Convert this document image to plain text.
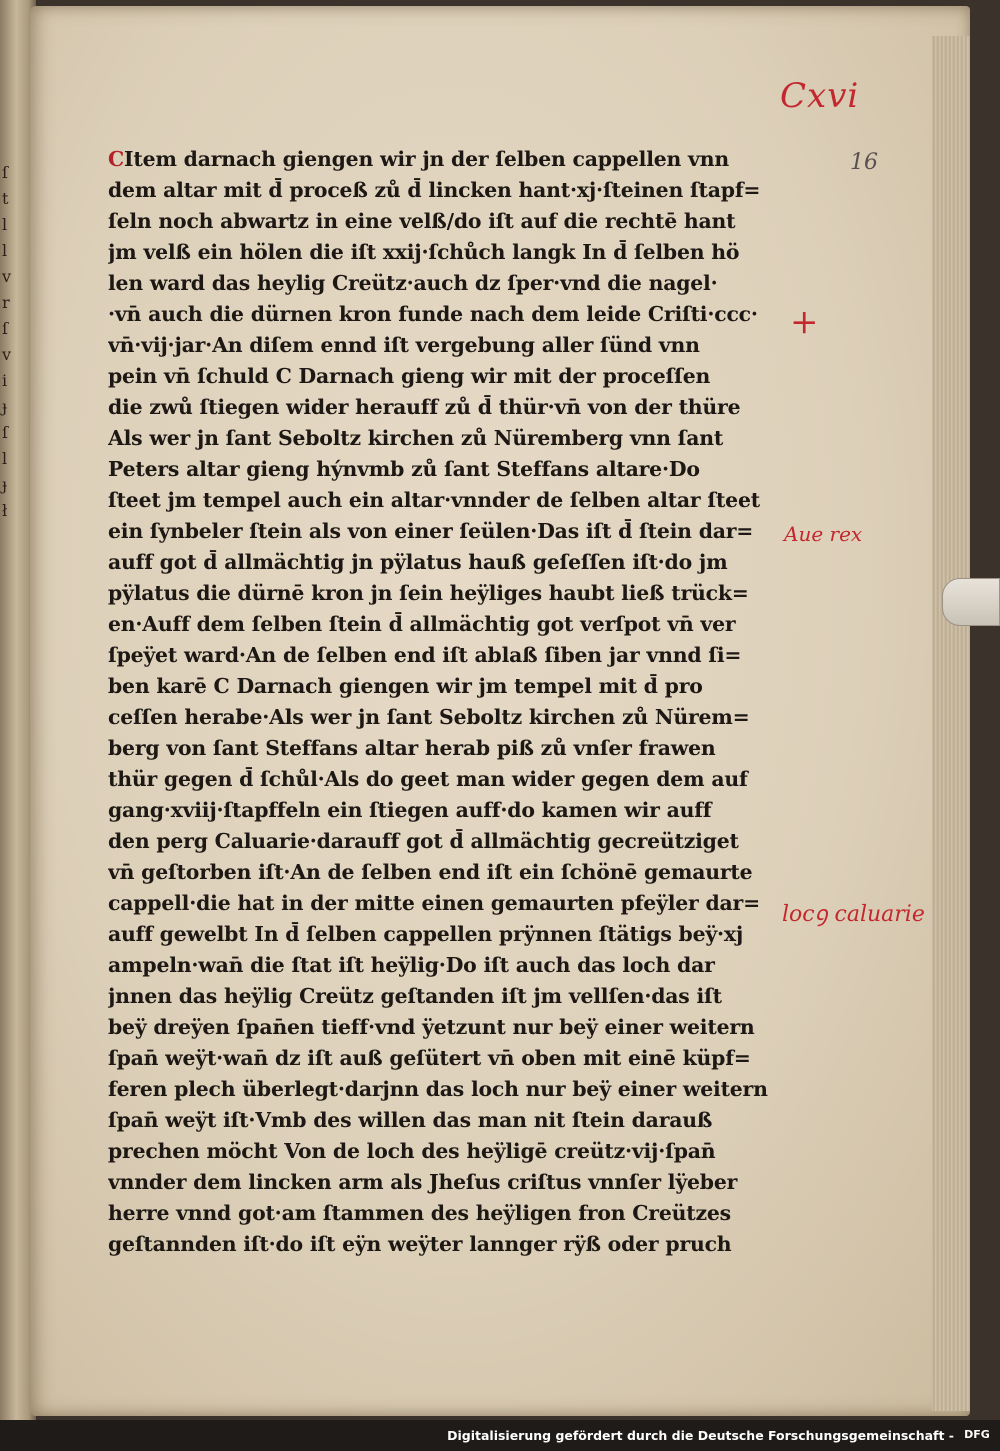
ſ
t
l
l
v
r
ſ
v
i
ɟ
ſ
l
ɟ
ł
Cxvi
16
CItem darnach giengen wir jn der ſelben cappellen vnn
dem altar mit d̄ proceß zů d̄ lincken hant·xj·ſteinen ſtapf=
ſeln noch abwartz in eine velß/do iſt auf die rechtē hant
jm velß ein hölen die iſt xxij·ſchůch langk In d̄ ſelben hö
len ward das heylig Creütz·auch dz ſper·vnd die nagel·
·vn̄ auch die dürnen kron funde nach dem leide Criſti·ccc·
vn̄·vij·jar·An diſem ennd iſt vergebung aller ſünd vnn
pein vn̄ ſchuld C Darnach gieng wir mit der proceſſen
die zwů ſtiegen wider herauff zů d̄ thür·vn̄ von der thüre
Als wer jn ſant Seboltz kirchen zů Nüremberg vnn ſant
Peters altar gieng hýnvmb zů ſant Steffans altare·Do
ſteet jm tempel auch ein altar·vnnder de ſelben altar ſteet
ein ſynbeler ſtein als von einer ſeülen·Das iſt d̄ ſtein dar=
auff got d̄ allmächtig jn pÿlatus hauß geſeſſen iſt·do jm
pÿlatus die dürnē kron jn ſein heÿliges haubt ließ trück=
en·Auff dem ſelben ſtein d̄ allmächtig got verſpot vn̄ ver
ſpeÿet ward·An de ſelben end iſt ablaß ſiben jar vnnd ſi=
ben karē C Darnach giengen wir jm tempel mit d̄ pro
ceſſen herabe·Als wer jn ſant Seboltz kirchen zů Nürem=
berg von ſant Steffans altar herab piß zů vnſer frawen
thür gegen d̄ ſchůl·Als do geet man wider gegen dem auf
gang·xviij·ſtapffeln ein ſtiegen auff·do kamen wir auff
den perg Caluarie·darauff got d̄ allmächtig gecreütziget
vn̄ geſtorben iſt·An de ſelben end iſt ein ſchönē gemaurte
cappell·die hat in der mitte einen gemaurten pfeÿler dar=
auff gewelbt In d̄ ſelben cappellen prÿnnen ſtätigs beÿ·xj
ampeln·wan̄ die ſtat iſt heÿlig·Do iſt auch das loch dar
jnnen das heÿlig Creütz geſtanden iſt jm vellſen·das iſt
beÿ dreÿen ſpan̄en tieff·vnd ÿetzunt nur beÿ einer weitern
ſpan̄ weÿt·wan̄ dz iſt auß geſütert vn̄ oben mit einē küpf=
feren plech überlegt·darjnn das loch nur beÿ einer weitern
ſpan̄ weÿt iſt·Vmb des willen das man nit ſtein darauß
prechen möcht Von de loch des heÿligē creütz·vij·ſpan̄
vnnder dem lincken arm als Jheſus criſtus vnnſer lÿeber
herre vnnd got·am ſtammen des heÿligen fron Creützes
geſtannden iſt·do iſt eÿn weÿter lannger rÿß oder pruch
+
Aue rex
locꝯ caluarie
Digitalisierung gefördert durch die Deutsche Forschungsgemeinschaft - DFG
